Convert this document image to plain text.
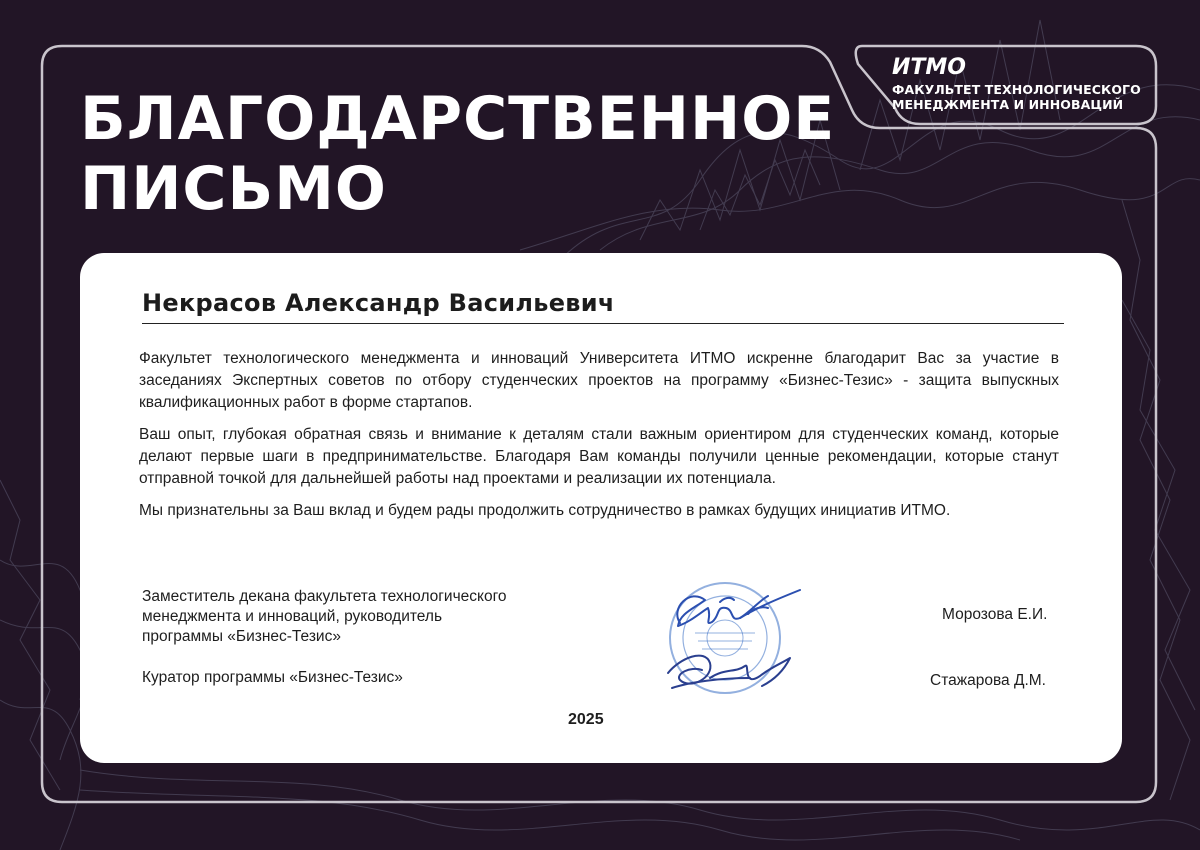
БЛАГОДАРСТВЕННОЕ
ПИСЬМО
ИТМО
ФАКУЛЬТЕТ ТЕХНОЛОГИЧЕСКОГО
МЕНЕДЖМЕНТА И ИННОВАЦИЙ
Некрасов Александр Васильевич

Факультет технологического менеджмента и инноваций Университета ИТМО искренне благодарит Вас за участие в заседаниях Экспертных советов по отбору студенческих проектов на программу «Бизнес-Тезис» - защита выпускных квалификационных работ в форме стартапов.

Ваш опыт, глубокая обратная связь и внимание к деталям стали важным ориентиром для студенческих команд, которые делают первые шаги в предпринимательстве. Благодаря Вам команды получили ценные рекомендации, которые станут отправной точкой для дальнейшей работы над проектами и реализации их потенциала.

Мы признательны за Ваш вклад и будем рады продолжить сотрудничество в рамках будущих инициатив ИТМО.

Заместитель декана факультета технологического
менеджмента и инноваций, руководитель
программы «Бизнес-Тезис»
Морозова Е.И.
Куратор программы «Бизнес-Тезис»	Стажарова Д.М.
2025
